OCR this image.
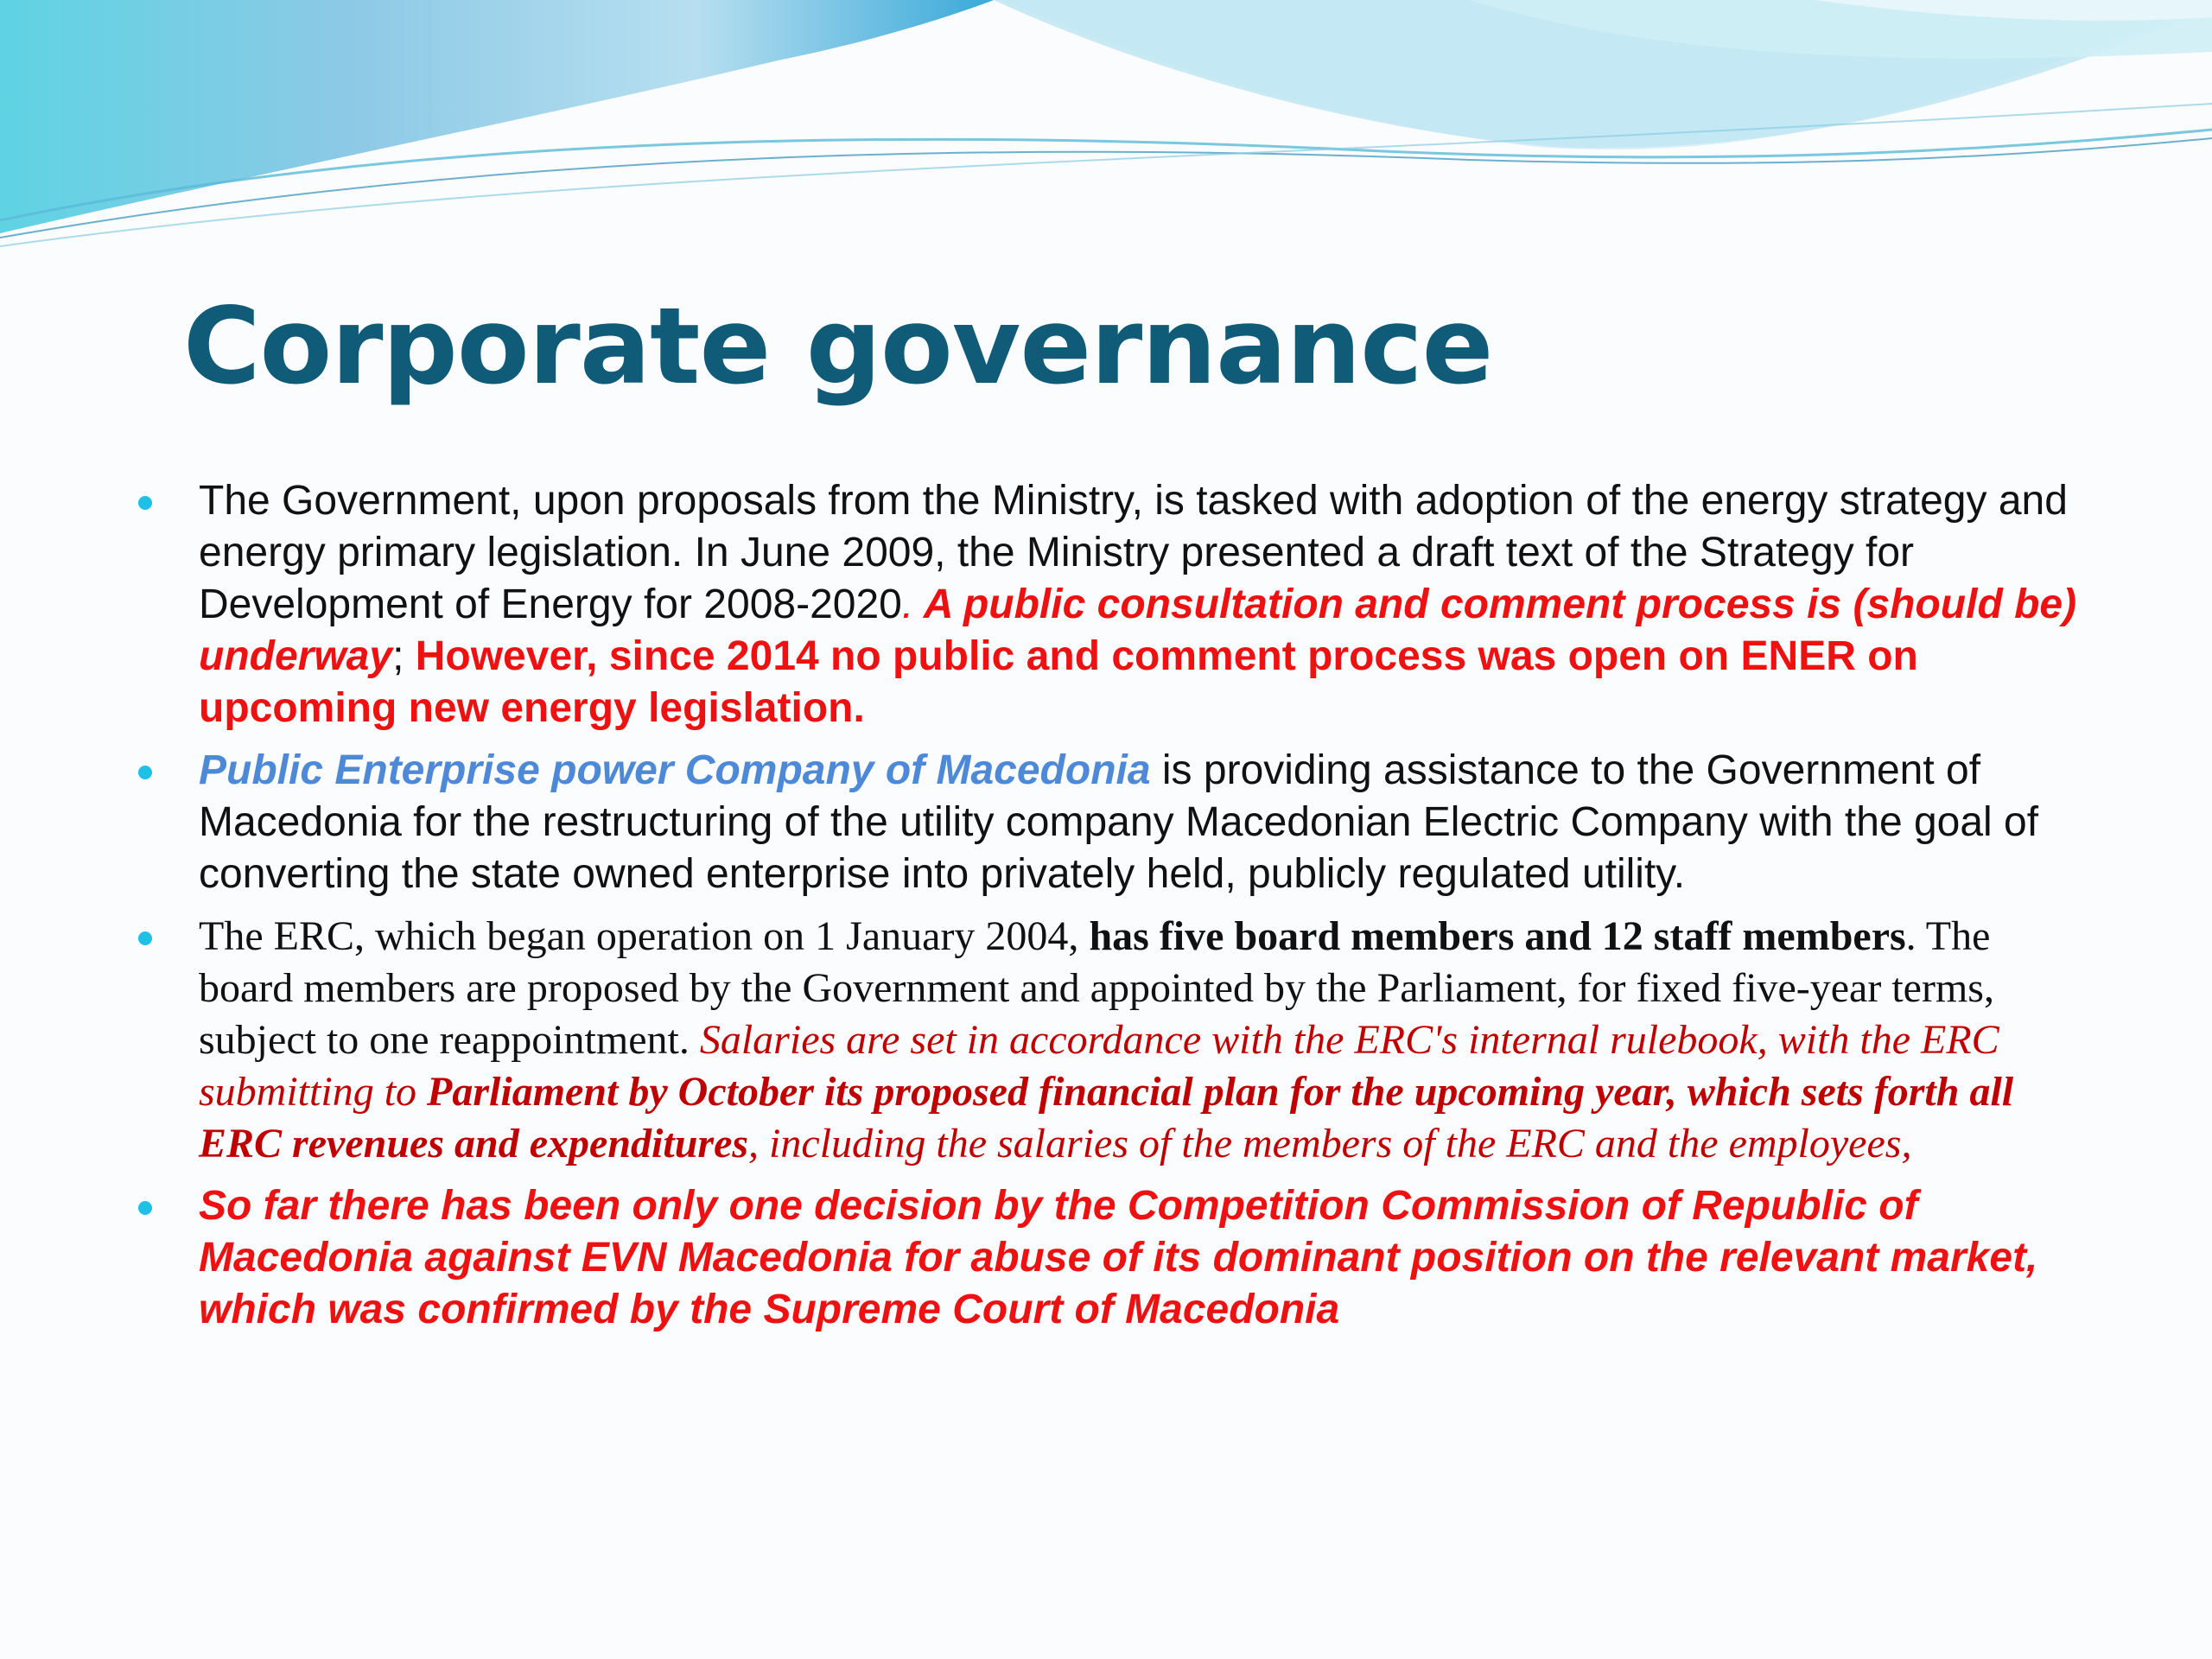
Corporate governance
The Government, upon proposals from the Ministry, is tasked with adoption of the energy strategy and energy primary legislation. In June 2009, the Ministry presented a draft text of the Strategy for Development of Energy for 2008-2020. A public consultation and comment process is (should be) underway; However, since 2014 no public and comment process was open on ENER on upcoming new energy legislation.
Public Enterprise power Company of Macedonia is providing assistance to the Government of Macedonia for the restructuring of the utility company Macedonian Electric Company with the goal of converting the state owned enterprise into privately held, publicly regulated utility.
The ERC, which began operation on 1 January 2004, has five board members and 12 staff members. The board members are proposed by the Government and appointed by the Parliament, for fixed five-year terms, subject to one reappointment. Salaries are set in accordance with the ERC's internal rulebook, with the ERC submitting to Parliament by October its proposed financial plan for the upcoming year, which sets forth all ERC revenues and expenditures, including the salaries of the members of the ERC and the employees,
So far there has been only one decision by the Competition Commission of Republic of Macedonia against EVN Macedonia for abuse of its dominant position on the relevant market, which was confirmed by the Supreme Court of Macedonia
